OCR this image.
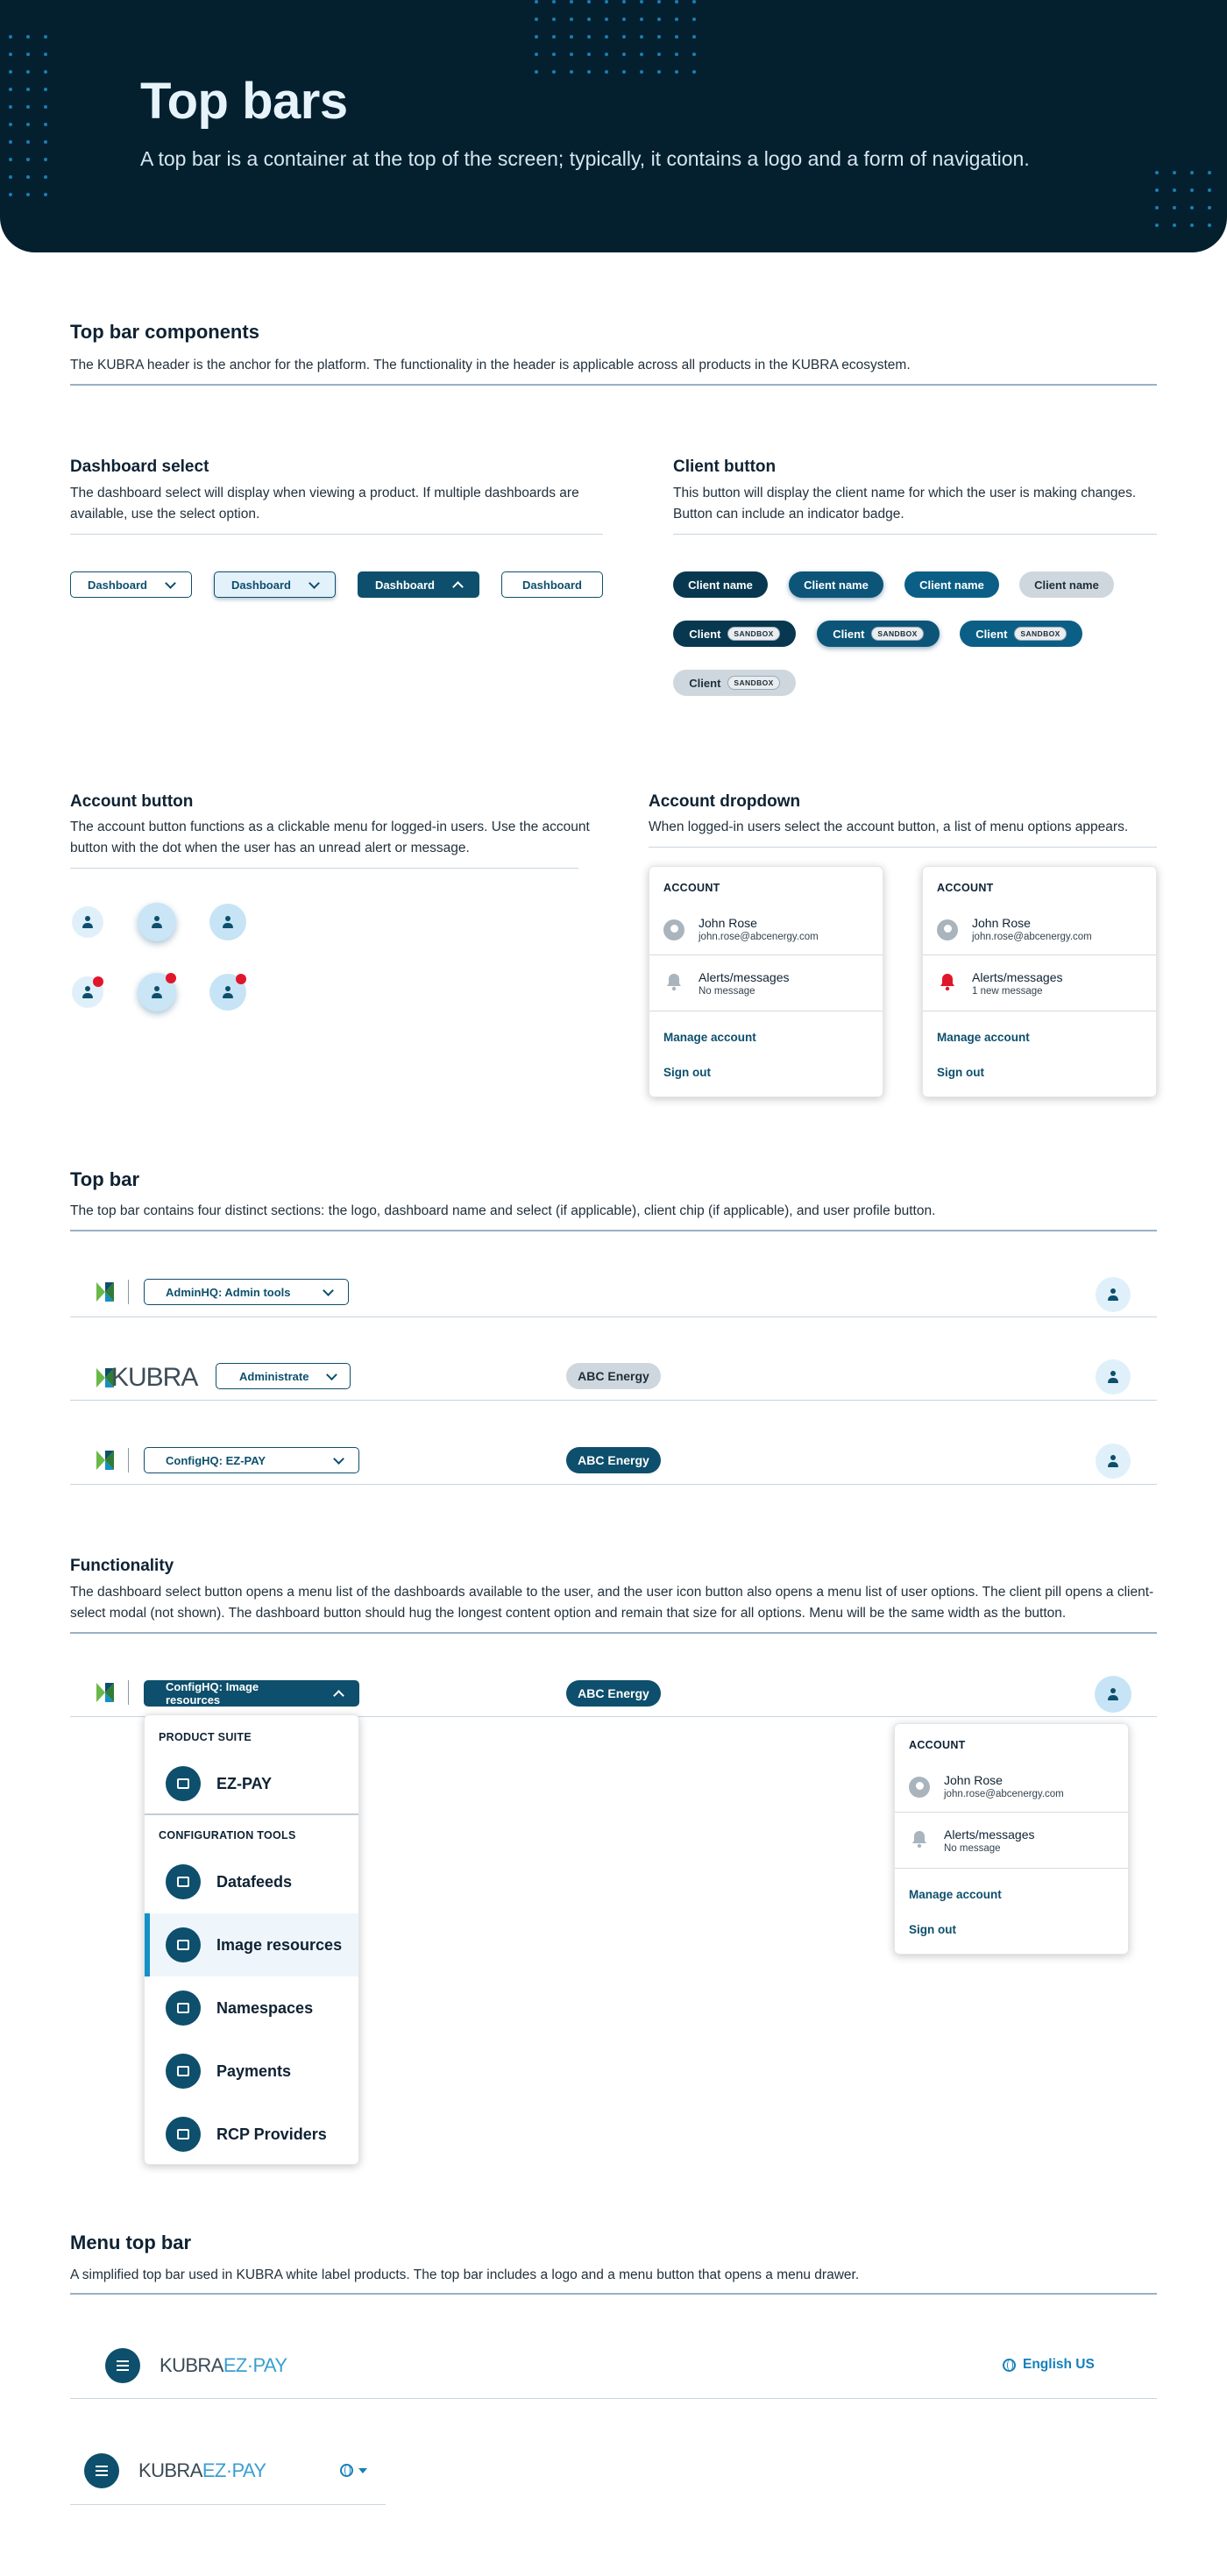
Top bars

A top bar is a container at the top of the screen; typically, it contains a logo and a form of navigation.

Top bar components
The KUBRA header is the anchor for the platform. The functionality in the header is applicable across all products in the KUBRA ecosystem.
Dashboard select
The dashboard select will display when viewing a product. If multiple dashboards are available, use the select option.
Dashboard	Dashboard	Dashboard	Dashboard
Client button
This button will display the client name for which the user is making changes. Button can include an indicator badge.
Client name	Client name	Client name	Client name
Client	SANDBOX	Client	SANDBOX	Client	SANDBOX
Client	SANDBOX
Account button
The account button functions as a clickable menu for logged-in users. Use the account button with the dot when the user has an unread alert or message.
Account dropdown
When logged-in users select the account button, a list of menu options appears.
ACCOUNT
John Rose
john.rose@abcenergy.com
Alerts/messages
No message
Manage account
Sign out
ACCOUNT
John Rose
john.rose@abcenergy.com
Alerts/messages
1 new message
Manage account
Sign out
Top bar
The top bar contains four distinct sections: the logo, dashboard name and select (if applicable), client chip (if applicable), and user profile button.
AdminHQ: Admin tools
KUBRA	Administrate	ABC Energy
ConfigHQ: EZ-PAY	ABC Energy
Functionality
The dashboard select button opens a menu list of the dashboards available to the user, and the user icon button also opens a menu list of user options. The client pill opens a client-select modal (not shown). The dashboard button should hug the longest content option and remain that size for all options. Menu will be the same width as the button.
ConfigHQ: Image resources	ABC Energy
PRODUCT SUITE
EZ-PAY
CONFIGURATION TOOLS
Datafeeds
Image resources
Namespaces
Payments
RCP Providers
ACCOUNT
John Rose
john.rose@abcenergy.com
Alerts/messages
No message
Manage account
Sign out
Menu top bar
A simplified top bar used in KUBRA white label products. The top bar includes a logo and a menu button that opens a menu drawer.
KUBRAEZ·PAY	English US
KUBRAEZ·PAY
